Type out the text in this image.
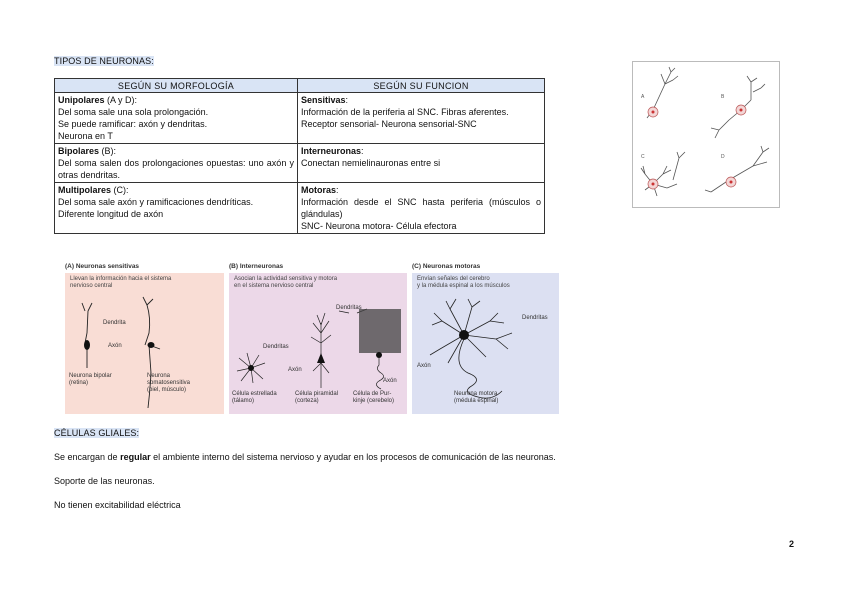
TIPOS DE NEURONAS:
SEGÚN SU MORFOLOGÍA	SEGÚN SU FUNCION

Unipolares (A y D):
Del soma sale una sola prolongación.
Se puede ramificar: axón y dendritas.
Neurona en T	Sensitivas:
Información de la periferia al SNC. Fibras aferentes.
Receptor sensorial- Neurona sensorial-SNC

Bipolares (B):
Del soma salen dos prolongaciones opuestas: uno axón y otras dendritas.	Interneuronas:
Conectan nemielinauronas entre si

Multipolares (C):
Del soma sale axón y ramificaciones dendríticas.
Diferente longitud de axón	Motoras:
Información desde el SNC hasta periferia (músculos o glándulas)
SNC- Neurona motora- Célula efectora
A	B
C	D
(A) Neuronas sensitivas
Llevan la información hacia el sistema
nervioso central
Dendrita
Axón
Neurona bipolar
(retina)
Neurona
somatosensitiva
(piel, músculo)
(B) Interneuronas
Asocian la actividad sensitiva y motora
en el sistema nervioso central
Dendritas
Dendritas
Axón
Axón
Célula estrellada
(tálamo)
Célula piramidal
(corteza)
Célula de Pur-
kinje (cerebelo)
(C) Neuronas motoras
Envían señales del cerebro
y la médula espinal a los músculos
Dendritas
Axón
Neurona motora
(médula espinal)
CÉLULAS GLIALES:
Se encargan de regular el ambiente interno del sistema nervioso y ayudar en los procesos de comunicación de las neuronas.
Soporte de las neuronas.
No tienen excitabilidad eléctrica
2
